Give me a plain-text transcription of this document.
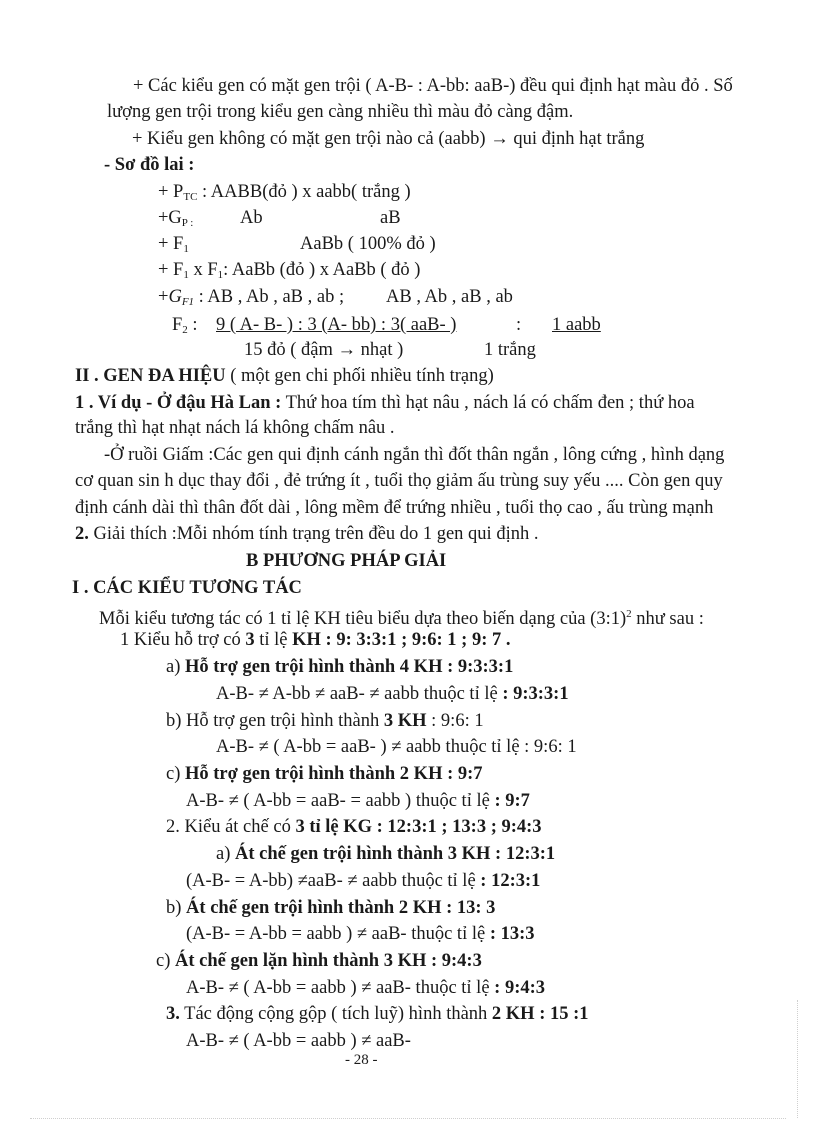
+ Các kiểu gen có mặt gen trội ( A-B- : A-bb: aaB-) đều qui định hạt màu đỏ . Số
lượng gen trội trong kiểu gen càng nhiều thì màu đỏ càng đậm.
+ Kiểu gen không có mặt gen trội nào cả (aabb) → qui định hạt trắng
- Sơ đồ lai :
+ $P_{TC}$ : AABB(đỏ ) x aabb( trắng )
$+G_{P :}$	Ab	aB
+ $F_1$	AaBb ( 100% đỏ )
+ $F_1$ x $F_1$: AaBb (đỏ ) x AaBb ( đỏ )
$+G_{F1}$ : AB , Ab , aB , ab ; AB , Ab , aB , ab
$F_2$ : 9 ( A- B- ) : 3 (A- bb) : 3( aaB- )	: 1 aabb
15 đỏ ( đậm → nhạt )	1 trắng
II . GEN ĐA HIỆU ( một gen chi phối nhiều tính trạng)
1 . Ví dụ - Ở đậu Hà Lan : Thứ hoa tím thì hạt nâu , nách lá có chấm đen ; thứ hoa
trắng thì hạt nhạt nách lá không chấm nâu .
-Ở ruồi Giấm :Các gen qui định cánh ngắn thì đốt thân ngắn , lông cứng , hình dạng
cơ quan sin h dục thay đổi , đẻ trứng ít , tuổi thọ giảm ấu trùng suy yếu .... Còn gen quy
định cánh dài thì thân đốt dài , lông mềm để trứng nhiều , tuổi thọ cao , ấu trùng mạnh
2. Giải thích :Mỗi nhóm tính trạng trên đều do 1 gen qui định .
B PHƯƠNG PHÁP GIẢI
I . CÁC KIỂU TƯƠNG TÁC
Mỗi kiểu tương tác có 1 tỉ lệ KH tiêu biểu dựa theo biến dạng của (3:1)$^2$ như sau :
1 Kiểu hỗ trợ có 3 tỉ lệ KH : 9: 3:3:1 ; 9:6: 1 ; 9: 7 .
a) Hỗ trợ gen trội hình thành 4 KH : 9:3:3:1
A-B- ≠ A-bb ≠ aaB- ≠ aabb thuộc tỉ lệ : 9:3:3:1
b) Hỗ trợ gen trội hình thành 3 KH : 9:6: 1
A-B- ≠ ( A-bb = aaB- ) ≠ aabb thuộc tỉ lệ : 9:6: 1
c) Hỗ trợ gen trội hình thành 2 KH : 9:7
A-B- ≠ ( A-bb = aaB- = aabb ) thuộc tỉ lệ : 9:7
2. Kiểu át chế có 3 tỉ lệ KG : 12:3:1 ; 13:3 ; 9:4:3
a) Át chế gen trội hình thành 3 KH : 12:3:1
(A-B- = A-bb) ≠aaB- ≠ aabb thuộc tỉ lệ : 12:3:1
b) Át chế gen trội hình thành 2 KH : 13: 3
(A-B- = A-bb = aabb ) ≠ aaB- thuộc tỉ lệ : 13:3
c) Át chế gen lặn hình thành 3 KH : 9:4:3
A-B- ≠ ( A-bb = aabb ) ≠ aaB- thuộc tỉ lệ : 9:4:3
3. Tác động cộng gộp ( tích luỹ) hình thành 2 KH : 15 :1
A-B- ≠ ( A-bb = aabb ) ≠ aaB-
- 28 -
